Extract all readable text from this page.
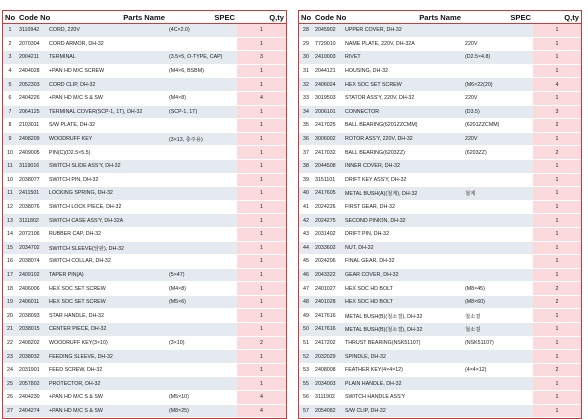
No	Code No	Parts Name	SPEC	Q,ty
1	3110942	CORD, 220V	(4C×2.0)	1
2	2070304	CORD ARMOR, DH-32		1
3	2004211	TERMINAL	(3.5×5, O-TYPE, CAP)	3
4	2404028	+PAN HD M/C SCREW	(M4×6, BSBM)	1
5	2052303	CORD CLIP, DH-32		1
6	2404226	+PAN HD M/C S & SW	(M4×8)	4
7	2064125	TERMINAL COVER(SCP-1, 1T), DH-32	(SCP-1, 1T)	1
8	2103011	S/W PLATE, DH-32		1
9	2408209	WOODRUFF KEY	(3×13, 충주용)	1
10	2409005	PIN(C)(D2.5×5.5)		1
11	3119016	SWITCH SLIDE ASS'Y, DH-32		1
10	2038077	SWITCH PIN, DH-32		1
11	2411501	LOCKING SPRING, DH-32		1
12	2038076	SWITCH LOCK PIECE, DH-32		1
13	3111802	SWITCH CASE ASS'Y, DH-32A		1
14	2072106	RUBBER CAP, DH-32		1
15	2034702	SWITCH SLEEVE(앞판), DH-32		1
16	2038074	SWITCH COLLAR, DH-32		1
17	2409102	TAPER PIN(A)	(5×47)	1
18	2406006	HEX SOC SET SCREW	(M4×8)	1
19	2406011	HEX SOC SET SCREW	(M5×6)	1
20	2038093	STAR HANDLE, DH-32		1
21	2038015	CENTER PIECE, DH-32		1
22	2408202	WOODRUFF KEY(3×10)	(3×10)	2
23	2038032	FEEDING SLEEVE, DH-32		1
24	2031901	FEED SCREW, DH-32		1
25	2057802	PROTECTOR, DH-32		1
26	2404230	+PAN HD M/C S & SW	(M5×10)	4
27	2404274	+PAN HD M/C S & SW	(M8×25)	4
No	Code No	Parts Name	SPEC	Q,ty
28	2045902	UPPER COVER, DH-32		1
29	7729010	NAME PLATE, 220V, DH-32A	220V	1
30	2410003	RIVET	(D2.5×4.8)	1
31	2044121	HOUSING, DH-32		1
32	2406024	HEX SOC SET SCREW	(M6×22(20)	4
33	3019503	STATOR ASS'Y, 220V, DH-32	220V	1
34	2006101	CONNECTOR	(D3.5)	3
35	2417025	BALL BEARING(6201ZZCMM)	(6201ZZCMM)	2
36	3006002	ROTOR ASS'Y, 220V, DH-32	220V	1
37	2417032	BALL BEARING(6203ZZ)	(6203ZZ)	2
38	2044508	INNER COVER, DH-32		1
39	3151101	DRIFT KEY ASS'Y, DH-32		1
40	2417605	METAL BUSH(A)(철계), DH-32	철계	1
41	2024226	FIRST GEAR, DH-32		1
42	2024275	SECOND PINION, DH-32		1
43	2031402	DRIFT PIN, DH-32		1
44	2033602	NUT, DH-32		1
45	2024206	FINAL GEAR, DH-32		1
46	2043322	GEAR COVER, DH-32		1
47	2401027	HEX SOC HD BOLT	(M8×45)	2
48	2401028	HEX SOC HD BOLT	(M8×60)	2
49	2417616	METAL BUSH(B)(철소결), DH-32	철소결	1
50	2417616	METAL BUSH(B)(철소결), DH-32	철소결	1
51	2417202	THRUST BEARING(NSK51107)	(NSK51107)	1
52	2032029	SPINDLE, DH-32		1
53	2408008	FEATHER KEY(4×4×12)	(4×4×12)	2
55	2034003	PLAIN HANDLE, DH-32		1
56	3111902	SWITCH HANDLE ASS'Y		1
57	2054082	S/W CLIP, DH-32		1
